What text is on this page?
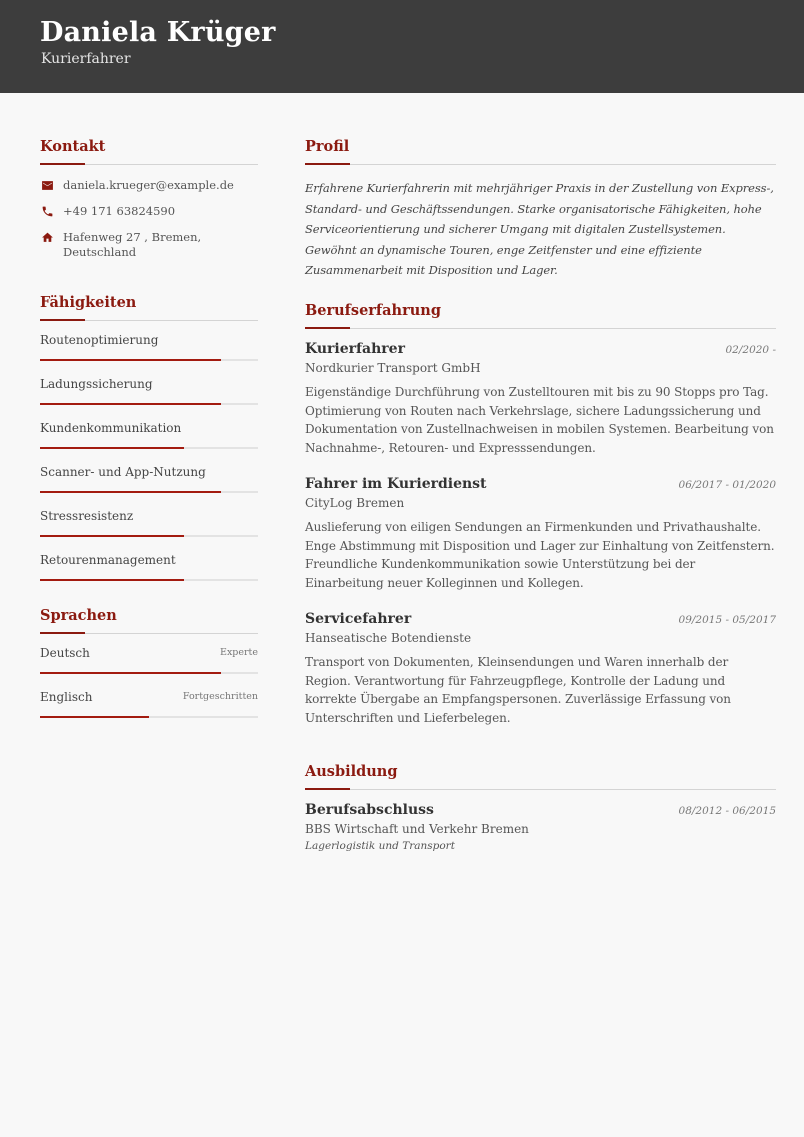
Daniela Krüger
Kurierfahrer
Kontakt
daniela.krueger@example.de
+49 171 63824590
Hafenweg 27 , Bremen, Deutschland
Fähigkeiten
Routenoptimierung
Ladungssicherung
Kundenkommunikation
Scanner- und App-Nutzung
Stressresistenz
Retourenmanagement
Sprachen
Deutsch	Experte
Englisch	Fortgeschritten
Profil
Erfahrene Kurierfahrerin mit mehrjähriger Praxis in der Zustellung von Express-, Standard- und Geschäftssendungen. Starke organisatorische Fähigkeiten, hohe Serviceorientierung und sicherer Umgang mit digitalen Zustellsystemen. Gewöhnt an dynamische Touren, enge Zeitfenster und eine effiziente Zusammenarbeit mit Disposition und Lager.
Berufserfahrung
Kurierfahrer	02/2020 -
Nordkurier Transport GmbH
Eigenständige Durchführung von Zustelltouren mit bis zu 90 Stopps pro Tag. Optimierung von Routen nach Verkehrslage, sichere Ladungssicherung und Dokumentation von Zustellnachweisen in mobilen Systemen. Bearbeitung von Nachnahme-, Retouren- und Expresssendungen.
Fahrer im Kurierdienst	06/2017 - 01/2020
CityLog Bremen
Auslieferung von eiligen Sendungen an Firmenkunden und Privathaushalte. Enge Abstimmung mit Disposition und Lager zur Einhaltung von Zeitfenstern. Freundliche Kundenkommunikation sowie Unterstützung bei der Einarbeitung neuer Kolleginnen und Kollegen.
Servicefahrer	09/2015 - 05/2017
Hanseatische Botendienste
Transport von Dokumenten, Kleinsendungen und Waren innerhalb der Region. Verantwortung für Fahrzeugpflege, Kontrolle der Ladung und korrekte Übergabe an Empfangspersonen. Zuverlässige Erfassung von Unterschriften und Lieferbelegen.
Ausbildung
Berufsabschluss	08/2012 - 06/2015
BBS Wirtschaft und Verkehr Bremen
Lagerlogistik und Transport
